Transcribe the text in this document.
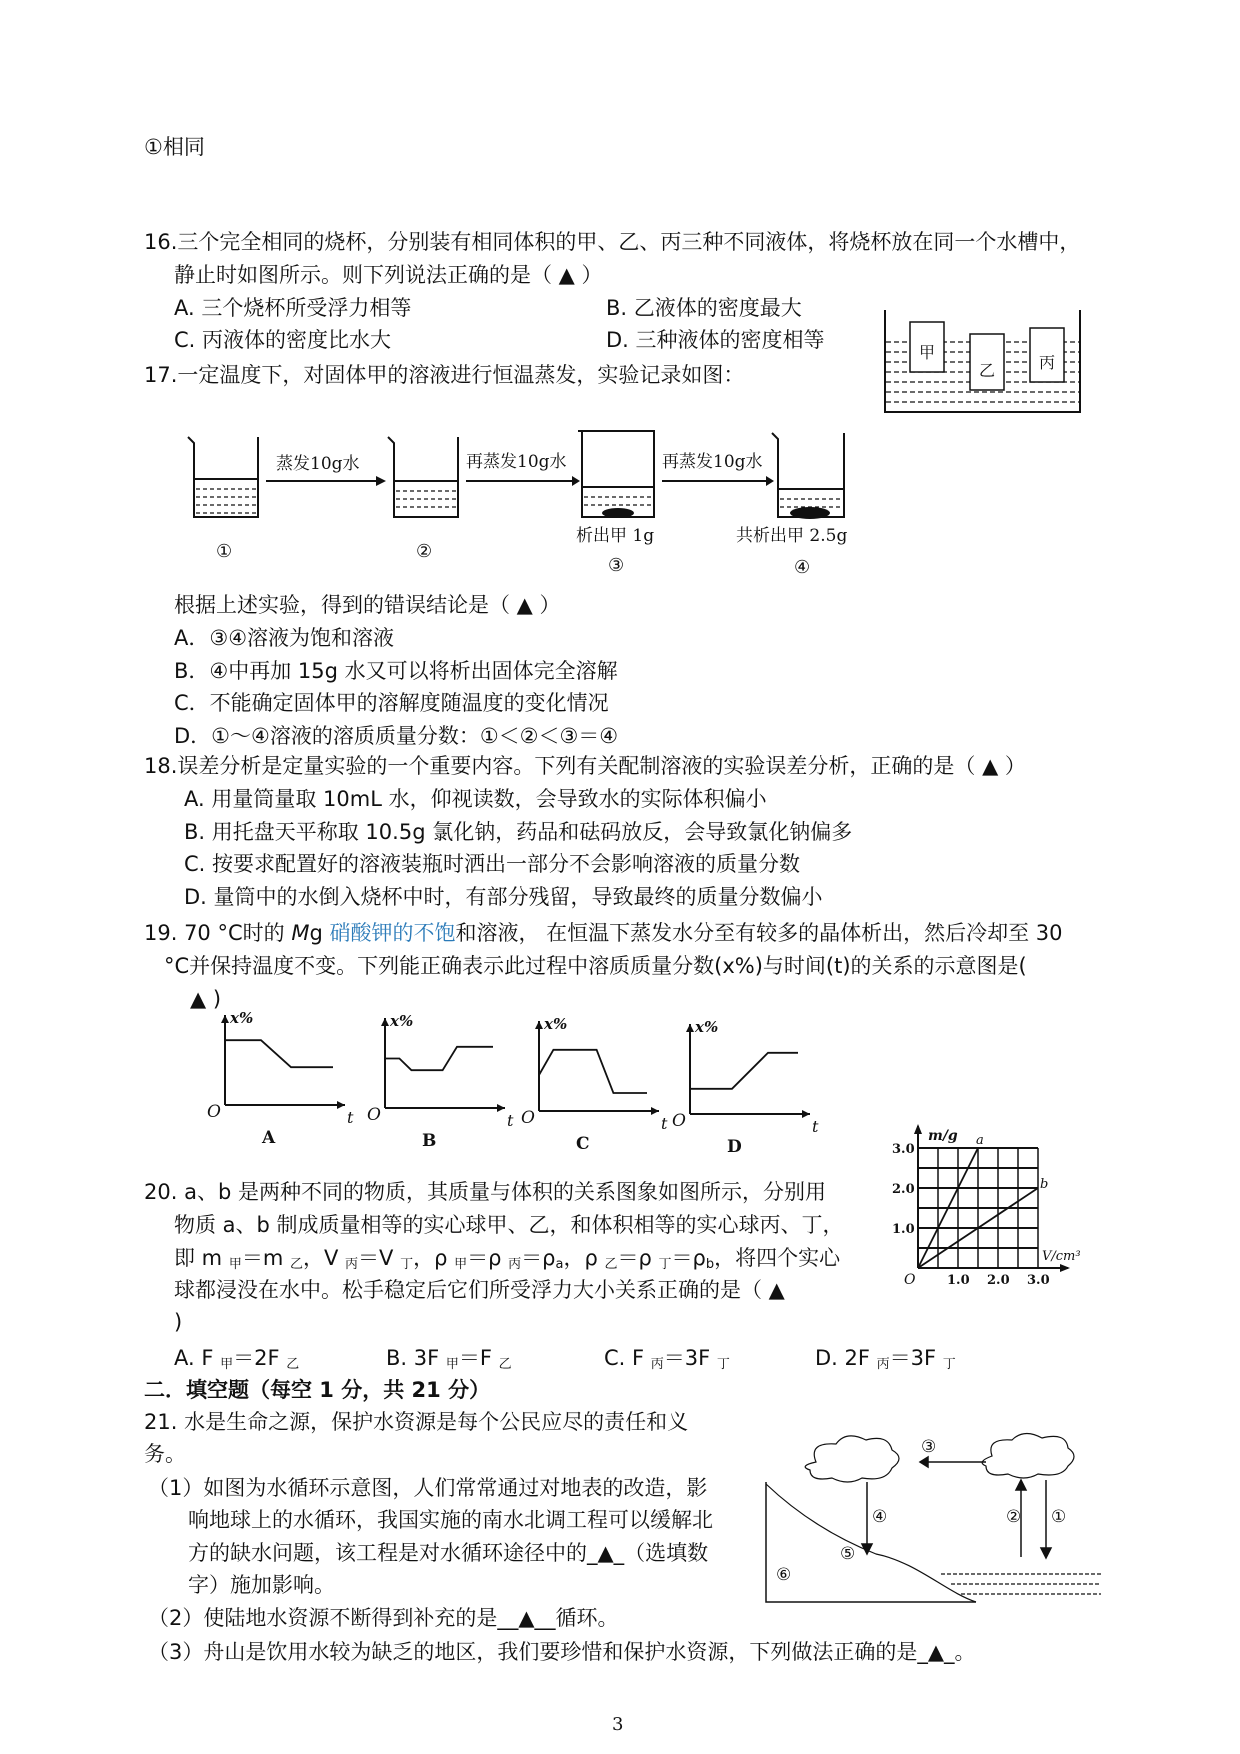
①相同
16.三个完全相同的烧杯，分别装有相同体积的甲、乙、丙三种不同液体，将烧杯放在同一个水槽中，
静止时如图所示。则下列说法正确的是（ ▲ ）
A. 三个烧杯所受浮力相等	B. 乙液体的密度最大
C. 丙液体的密度比水大	D. 三种液体的密度相等
甲
乙	丙
17.一定温度下，对固体甲的溶液进行恒温蒸发，实验记录如图：
蒸发10g水	再蒸发10g水	再蒸发10g水
析出甲 1g	共析出甲 2.5g
①	②
③	④
根据上述实验，得到的错误结论是（ ▲ ）
A．③④溶液为饱和溶液
B．④中再加 15g 水又可以将析出固体完全溶解
C．不能确定固体甲的溶解度随温度的变化情况
D．①～④溶液的溶质质量分数：①＜②＜③＝④
18.误差分析是定量实验的一个重要内容。下列有关配制溶液的实验误差分析，正确的是（ ▲ ）
A. 用量筒量取 10mL 水，仰视读数，会导致水的实际体积偏小
B. 用托盘天平称取 10.5g 氯化钠，药品和砝码放反，会导致氯化钠偏多
C. 按要求配置好的溶液装瓶时洒出一部分不会影响溶液的质量分数
D. 量筒中的水倒入烧杯中时，有部分残留，导致最终的质量分数偏小
19. 70 °C时的 Mg 硝酸钾的不饱和溶液， 在恒温下蒸发水分至有较多的晶体析出，然后冷却至 30
°C并保持温度不变。下列能正确表示此过程中溶质质量分数(x%)与时间(t)的关系的示意图是(
▲ )
x%
t
O
A
x%
t
O
B
x%
t
O
C
x%
t
O
D
20. a、b 是两种不同的物质，其质量与体积的关系图象如图所示，分别用
物质 a、b 制成质量相等的实心球甲、乙，和体积相等的实心球丙、丁，
即 m $_甲$＝m $_乙$，V $_丙$＝V $_丁$，ρ $_甲$＝ρ $_丙=\rho_a$，ρ $_乙$＝ρ $_丁=\rho_b$，将四个实心
球都浸没在水中。松手稳定后它们所受浮力大小关系正确的是（ ▲
)
A. F $_甲$＝2F $_乙$	B. 3F $_甲$＝F $_乙$	C. F $_丙$＝3F $_丁$	D. 2F $_丙$＝3F $_丁$
a
b
m/g
V/cm³
O
1.0
2.0
3.0
1.0 2.0 3.0
二．填空题（每空 1 分，共 21 分）
21. 水是生命之源，保护水资源是每个公民应尽的责任和义
务。
（1）如图为水循环示意图，人们常常通过对地表的改造，影
响地球上的水循环，我国实施的南水北调工程可以缓解北
方的缺水问题，该工程是对水循环途径中的_▲_（选填数
字）施加影响。
（2）使陆地水资源不断得到补充的是__▲__循环。
（3）舟山是饮用水较为缺乏的地区，我们要珍惜和保护水资源，下列做法正确的是_▲_。
③
④	② ①
⑤
⑥
3
